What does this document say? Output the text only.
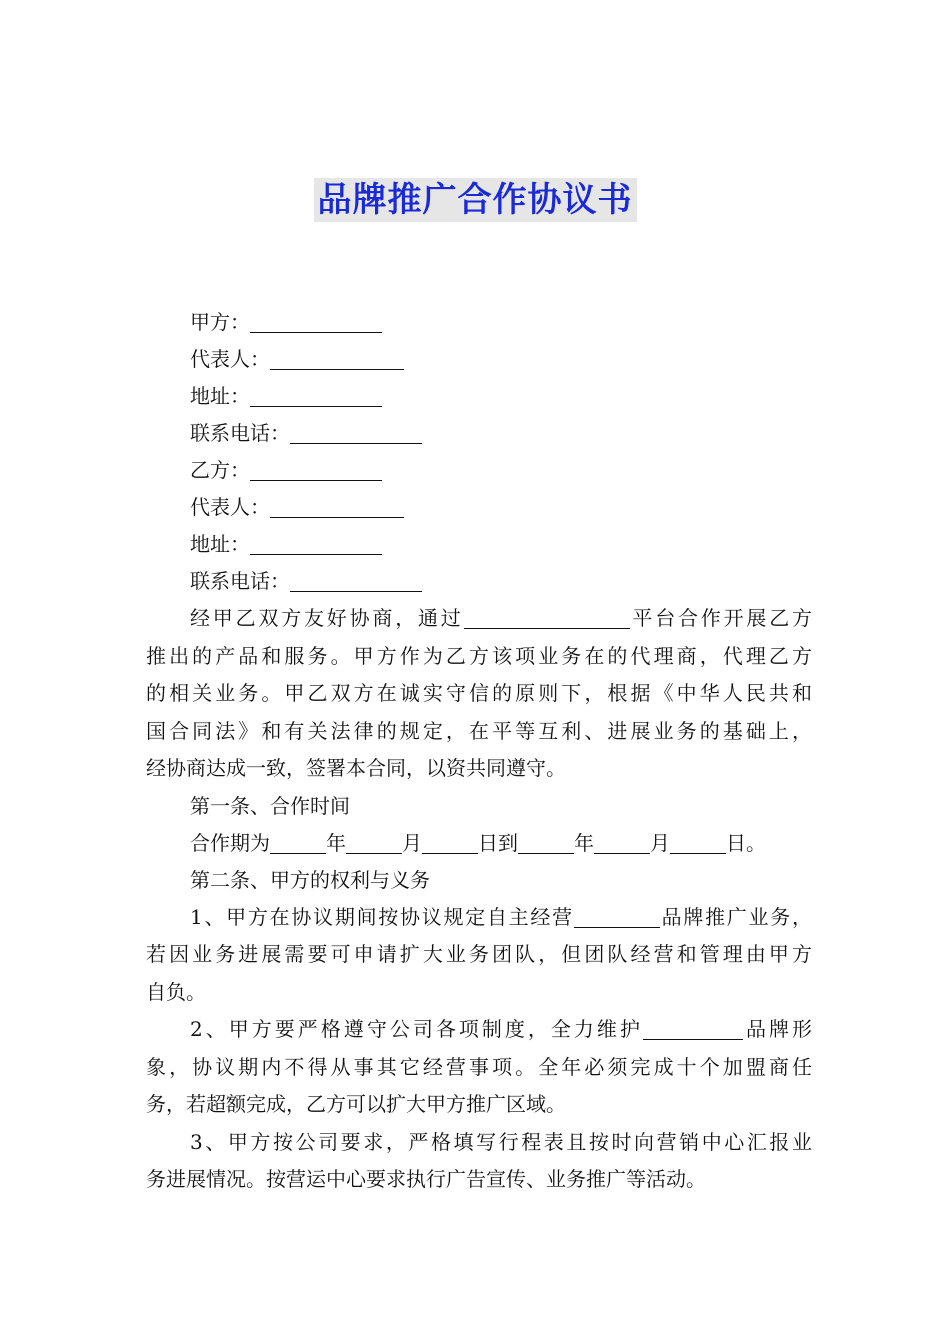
品牌推广合作协议书
甲方：
代表人：
地址：
联系电话：
乙方：
代表人：
地址：
联系电话：
经甲乙双方友好协商，通过	平台合作开展乙方
推出的产品和服务。甲方作为乙方该项业务在的代理商，代理乙方
的相关业务。甲乙双方在诚实守信的原则下，根据《中华人民共和
国合同法》和有关法律的规定，在平等互利、进展业务的基础上，
经协商达成一致，签署本合同，以资共同遵守。
第一条、合作时间
合作期为	年	月	日到	年	月	日。
第二条、甲方的权利与义务
1、甲方在协议期间按协议规定自主经营	品牌推广业务，
若因业务进展需要可申请扩大业务团队，但团队经营和管理由甲方
自负。
2、甲方要严格遵守公司各项制度，全力维护	品牌形
象，协议期内不得从事其它经营事项。全年必须完成十个加盟商任
务，若超额完成，乙方可以扩大甲方推广区域。
3、甲方按公司要求，严格填写行程表且按时向营销中心汇报业
务进展情况。按营运中心要求执行广告宣传、业务推广等活动。
